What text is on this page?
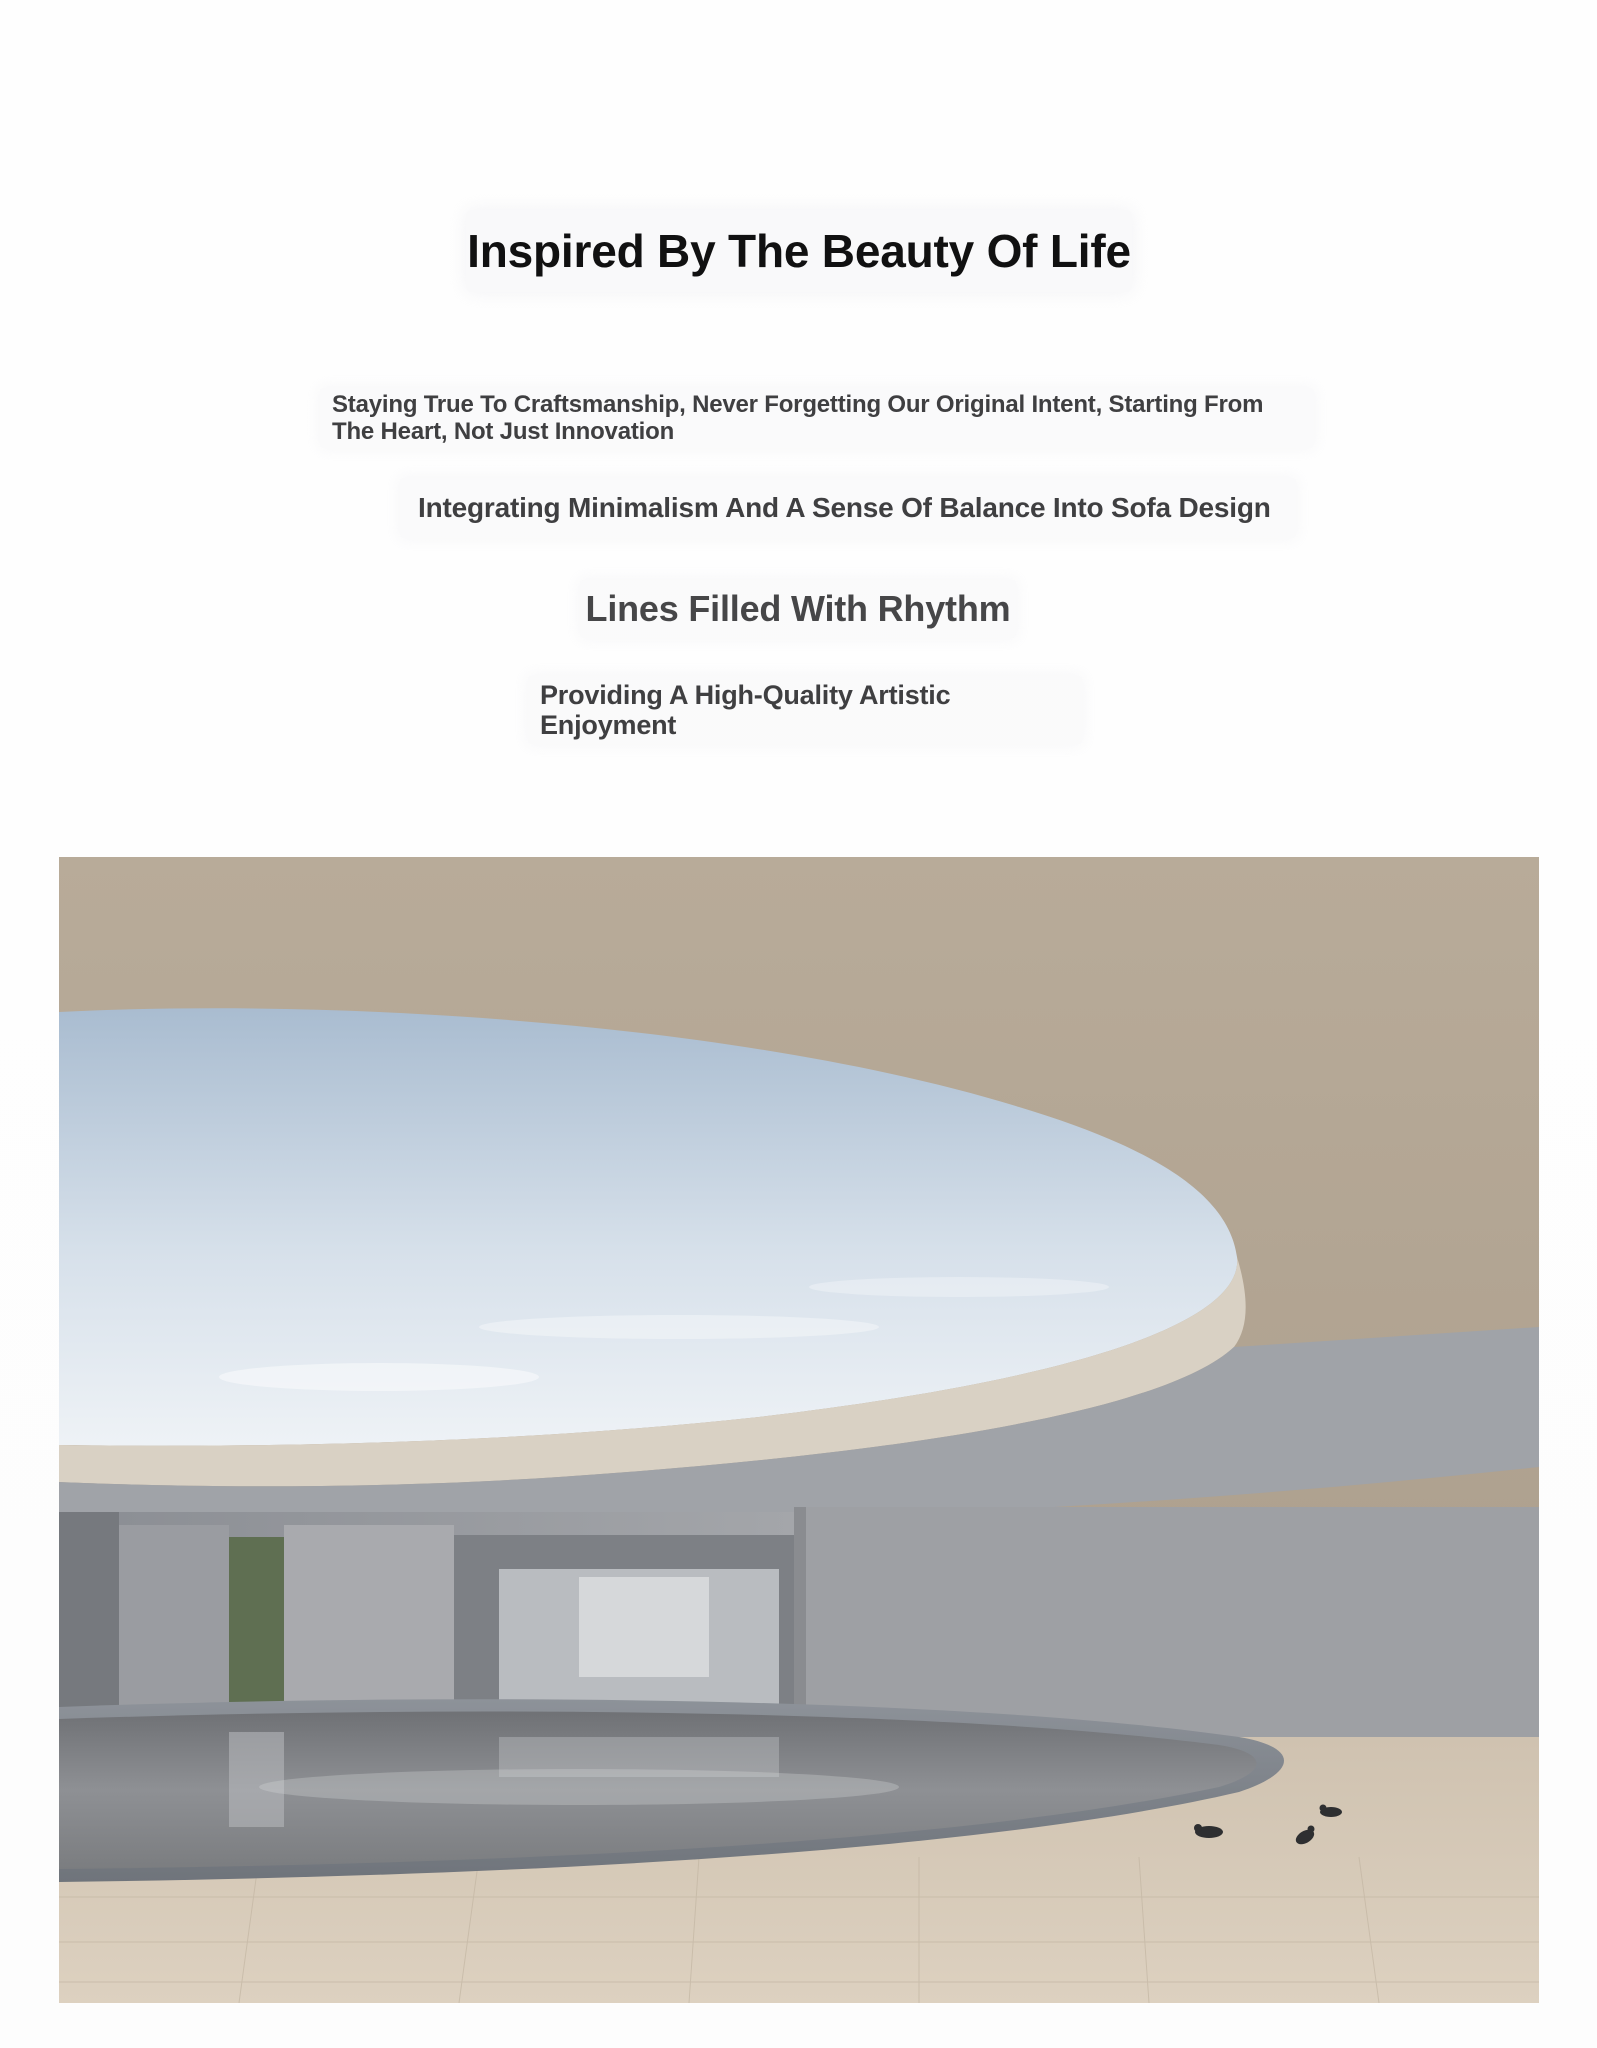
Inspired By The Beauty Of Life
Staying True To Craftsmanship, Never Forgetting Our Original Intent, Starting From The Heart, Not Just Innovation
Integrating Minimalism And A Sense Of Balance Into Sofa Design
Lines Filled With Rhythm
Providing A High-Quality Artistic Enjoyment
